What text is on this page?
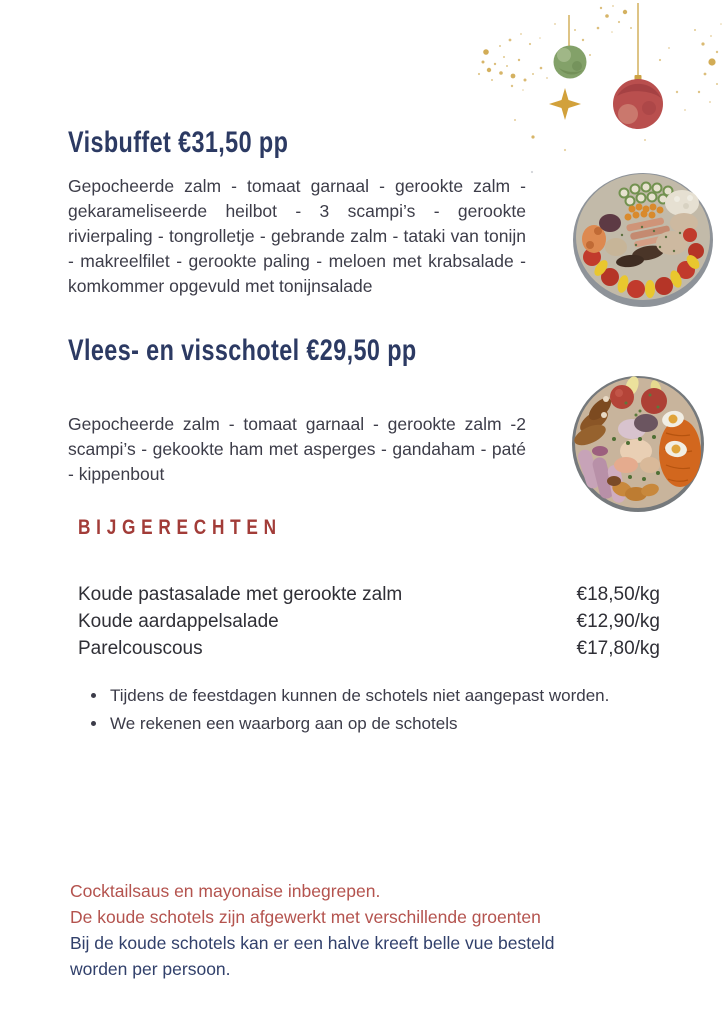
Visbuffet €31,50 pp
Gepocheerde zalm - tomaat garnaal - gerookte zalm - gekarameliseerde heilbot - 3 scampi’s - gerookte rivierpaling - tongrolletje - gebrande zalm - tataki van tonijn - makreelfilet - gerookte paling - meloen met krabsalade - komkommer opgevuld met tonijnsalade
Vlees- en visschotel €29,50 pp
Gepocheerde zalm - tomaat garnaal - gerookte zalm -2 scampi’s - gekookte ham met asperges - gandaham - paté - kippenbout
BIJGERECHTEN
Koude pastasalade met gerookte zalm	€18,50/kg
Koude aardappelsalade	€12,90/kg
Parelcouscous	€17,80/kg
• Tijdens de feestdagen kunnen de schotels niet aangepast worden.
• We rekenen een waarborg aan op de schotels
Cocktailsaus en mayonaise inbegrepen.
De koude schotels zijn afgewerkt met verschillende groenten
Bij de koude schotels kan er een halve kreeft belle vue besteld
worden per persoon.
